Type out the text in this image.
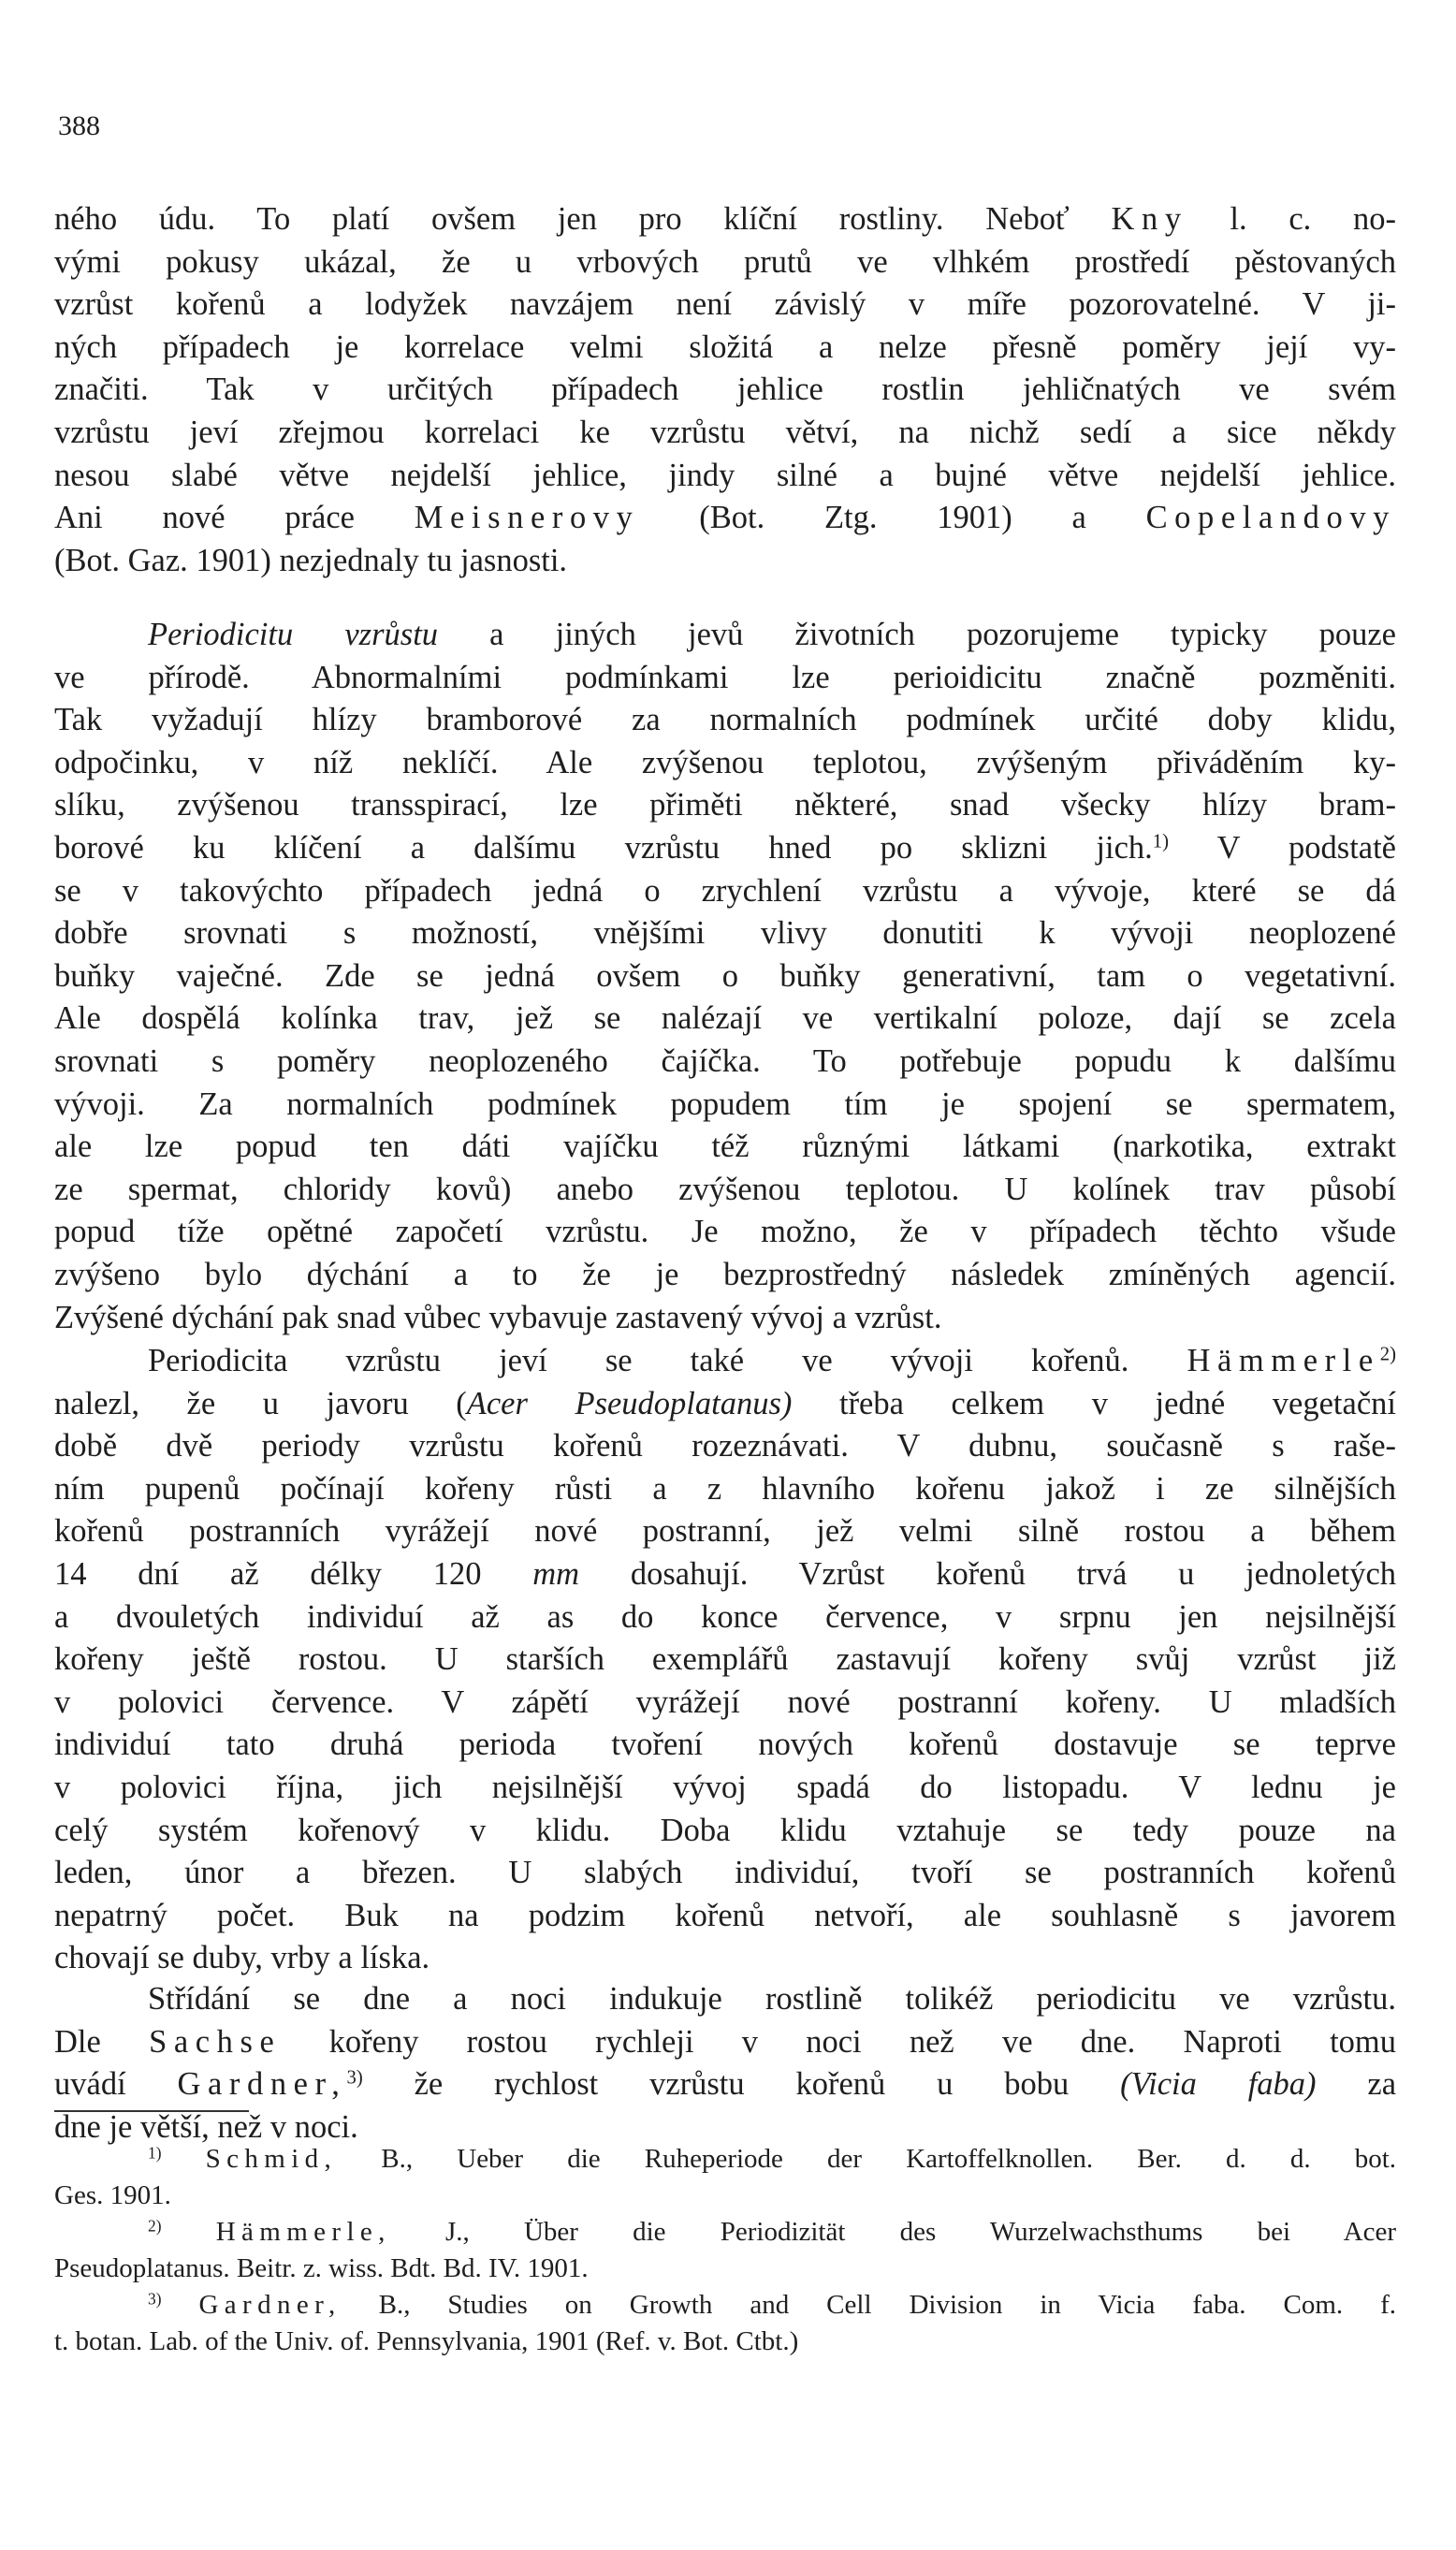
388
ného údu. To platí ovšem jen pro klíční rostliny. Neboť Kny l. c. no-
vými pokusy ukázal, že u vrbových prutů ve vlhkém prostředí pěstovaných
vzrůst kořenů a lodyžek navzájem není závislý v míře pozorovatelné. V ji-
ných případech je korrelace velmi složitá a nelze přesně poměry její vy-
značiti. Tak v určitých případech jehlice rostlin jehličnatých ve svém
vzrůstu jeví zřejmou korrelaci ke vzrůstu větví, na nichž sedí a sice někdy
nesou slabé větve nejdelší jehlice, jindy silné a bujné větve nejdelší jehlice.
Ani nové práce Meisnerovy (Bot. Ztg. 1901) a Copelandovy
(Bot. Gaz. 1901) nezjednaly tu jasnosti.
Periodicitu vzrůstu a jiných jevů životních pozorujeme typicky pouze
ve přírodě. Abnormalními podmínkami lze perioidicitu značně pozměniti.
Tak vyžadují hlízy bramborové za normalních podmínek určité doby klidu,
odpočinku, v níž neklíčí. Ale zvýšenou teplotou, zvýšeným přiváděním ky-
slíku, zvýšenou transspirací, lze přiměti některé, snad všecky hlízy bram-
borové ku klíčení a dalšímu vzrůstu hned po sklizni jich.$^{1)}$ V podstatě
se v takovýchto případech jedná o zrychlení vzrůstu a vývoje, které se dá
dobře srovnati s možností, vnějšími vlivy donutiti k vývoji neoplozené
buňky vaječné. Zde se jedná ovšem o buňky generativní, tam o vegetativní.
Ale dospělá kolínka trav, jež se nalézají ve vertikalní poloze, dají se zcela
srovnati s poměry neoplozeného čajíčka. To potřebuje popudu k dalšímu
vývoji. Za normalních podmínek popudem tím je spojení se spermatem,
ale lze popud ten dáti vajíčku též různými látkami (narkotika, extrakt
ze spermat, chloridy kovů) anebo zvýšenou teplotou. U kolínek trav působí
popud tíže opětné započetí vzrůstu. Je možno, že v případech těchto všude
zvýšeno bylo dýchání a to že je bezprostředný následek zmíněných agencií.
Zvýšené dýchání pak snad vůbec vybavuje zastavený vývoj a vzrůst.
Periodicita vzrůstu jeví se také ve vývoji kořenů. Hämmerle$^{2)}$
nalezl, že u javoru (Acer Pseudoplatanus) třeba celkem v jedné vegetační
době dvě periody vzrůstu kořenů rozeznávati. V dubnu, současně s raše-
ním pupenů počínají kořeny růsti a z hlavního kořenu jakož i ze silnějších
kořenů postranních vyrážejí nové postranní, jež velmi silně rostou a během
14 dní až délky 120 mm dosahují. Vzrůst kořenů trvá u jednoletých
a dvouletých individuí až as do konce července, v srpnu jen nejsilnější
kořeny ještě rostou. U starších exemplářů zastavují kořeny svůj vzrůst již
v polovici července. V zápětí vyrážejí nové postranní kořeny. U mladších
individuí tato druhá perioda tvoření nových kořenů dostavuje se teprve
v polovici října, jich nejsilnější vývoj spadá do listopadu. V lednu je
celý systém kořenový v klidu. Doba klidu vztahuje se tedy pouze na
leden, únor a březen. U slabých individuí, tvoří se postranních kořenů
nepatrný počet. Buk na podzim kořenů netvoří, ale souhlasně s javorem
chovají se duby, vrby a líska.
Střídání se dne a noci indukuje rostlině tolikéž periodicitu ve vzrůstu.
Dle Sachse kořeny rostou rychleji v noci než ve dne. Naproti tomu
uvádí Gardner,$^{3)}$ že rychlost vzrůstu kořenů u bobu (Vicia faba) za
dne je větší, než v noci.
$^{1)}$ Schmid, B., Ueber die Ruheperiode der Kartoffelknollen. Ber. d. d. bot.
Ges. 1901.
$^{2)}$ Hämmerle, J., Über die Periodizität des Wurzelwachsthums bei Acer
Pseudoplatanus. Beitr. z. wiss. Bdt. Bd. IV. 1901.
$^{3)}$ Gardner, B., Studies on Growth and Cell Division in Vicia faba. Com. f.
t. botan. Lab. of the Univ. of. Pennsylvania, 1901 (Ref. v. Bot. Ctbt.)
